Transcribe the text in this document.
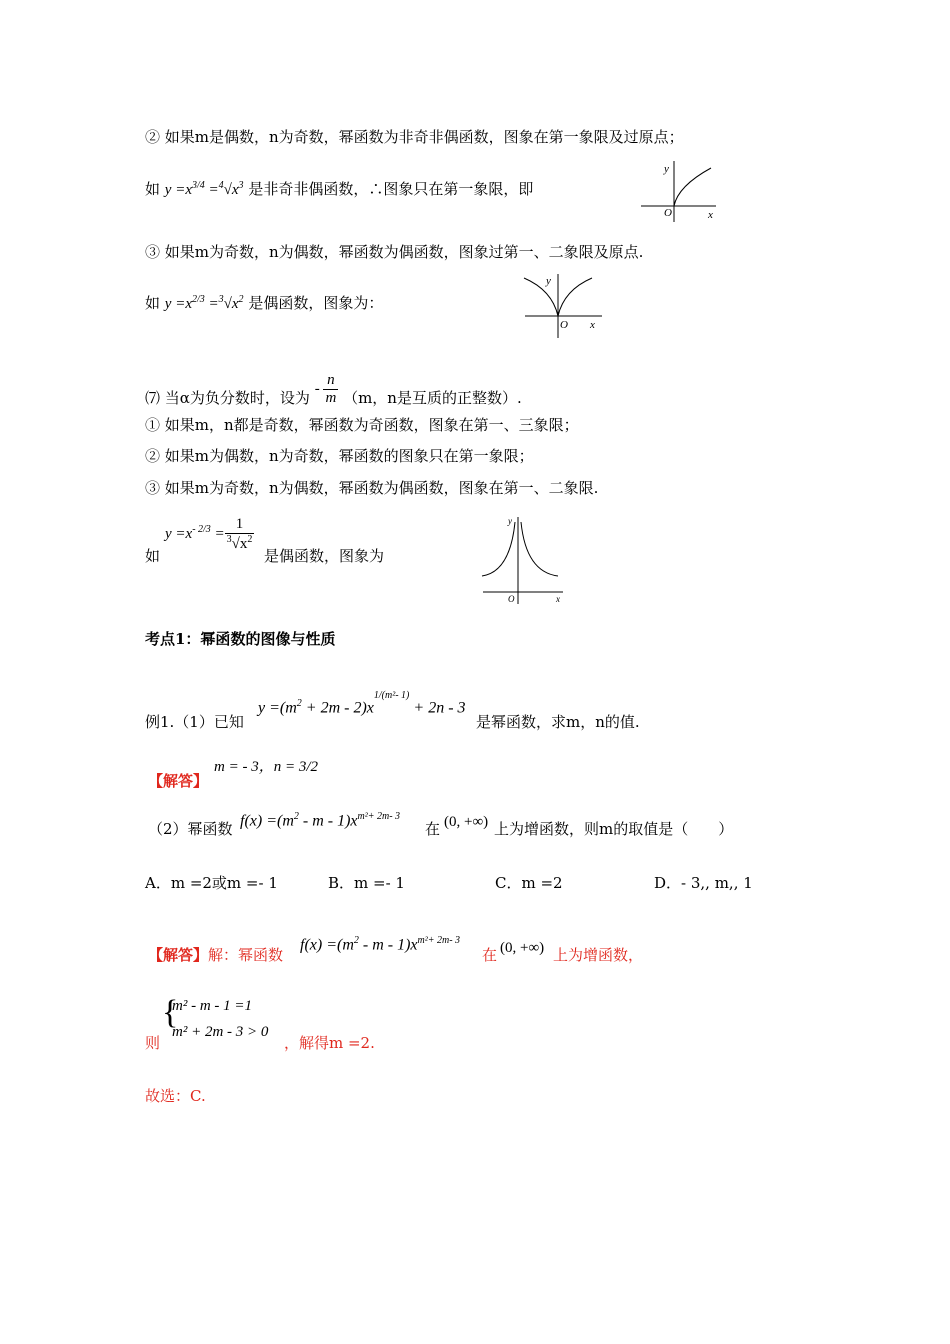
② 如果m是偶数，n为奇数，幂函数为非奇非偶函数，图象在第一象限及过原点；
如 $y =x^{3/4} =^4√x^3$ 是非奇非偶函数，∴图象只在第一象限，即
y
O	x
③ 如果m为奇数，n为偶数，幂函数为偶函数，图象过第一、二象限及原点.
如 $y =x^{2/3} =^3√x^2$ 是偶函数，图象为：
y
O x
⑺ 当α为负分数时，设为 - $\frac{n}{m} (m$，n是互质的正整数）.
① 如果m，n都是奇数，幂函数为奇函数，图象在第一、三象限；
② 如果m为偶数，n为奇数，幂函数的图象只在第一象限；
③ 如果m为奇数，n为偶数，幂函数为偶函数，图象在第一、二象限.
如
$y =x^{- 2/3} = \frac{1}{^3√x^2}$
是偶函数，图象为
y
O	x
考点1：幂函数的图像与性质
例1.（1）已知
$y =(m^2 + 2m - 2)x^{1/(m^2- 1)} + 2n - 3$
是幂函数，求m，n的值.
【解答】
m = - 3，n = 3/2
（2）幂函数 $f(x) =(m^2 - m - 1)x^{m^2+ 2m- 3}$
在 (0, +∞) 上为增函数，则m的取值是（　　）
A．m =2或m =- 1	B．m =- 1	C．m =2	D．- 3,, m,, 1
【解答】解：幂函数
$f(x) =(m^2 - m - 1)x^{m^2+ 2m- 3}$
在 (0, +∞) 上为增函数，
则
{
m² - m - 1 =1
m² + 2m - 3 > 0
，解得m =2.
故选：C.
